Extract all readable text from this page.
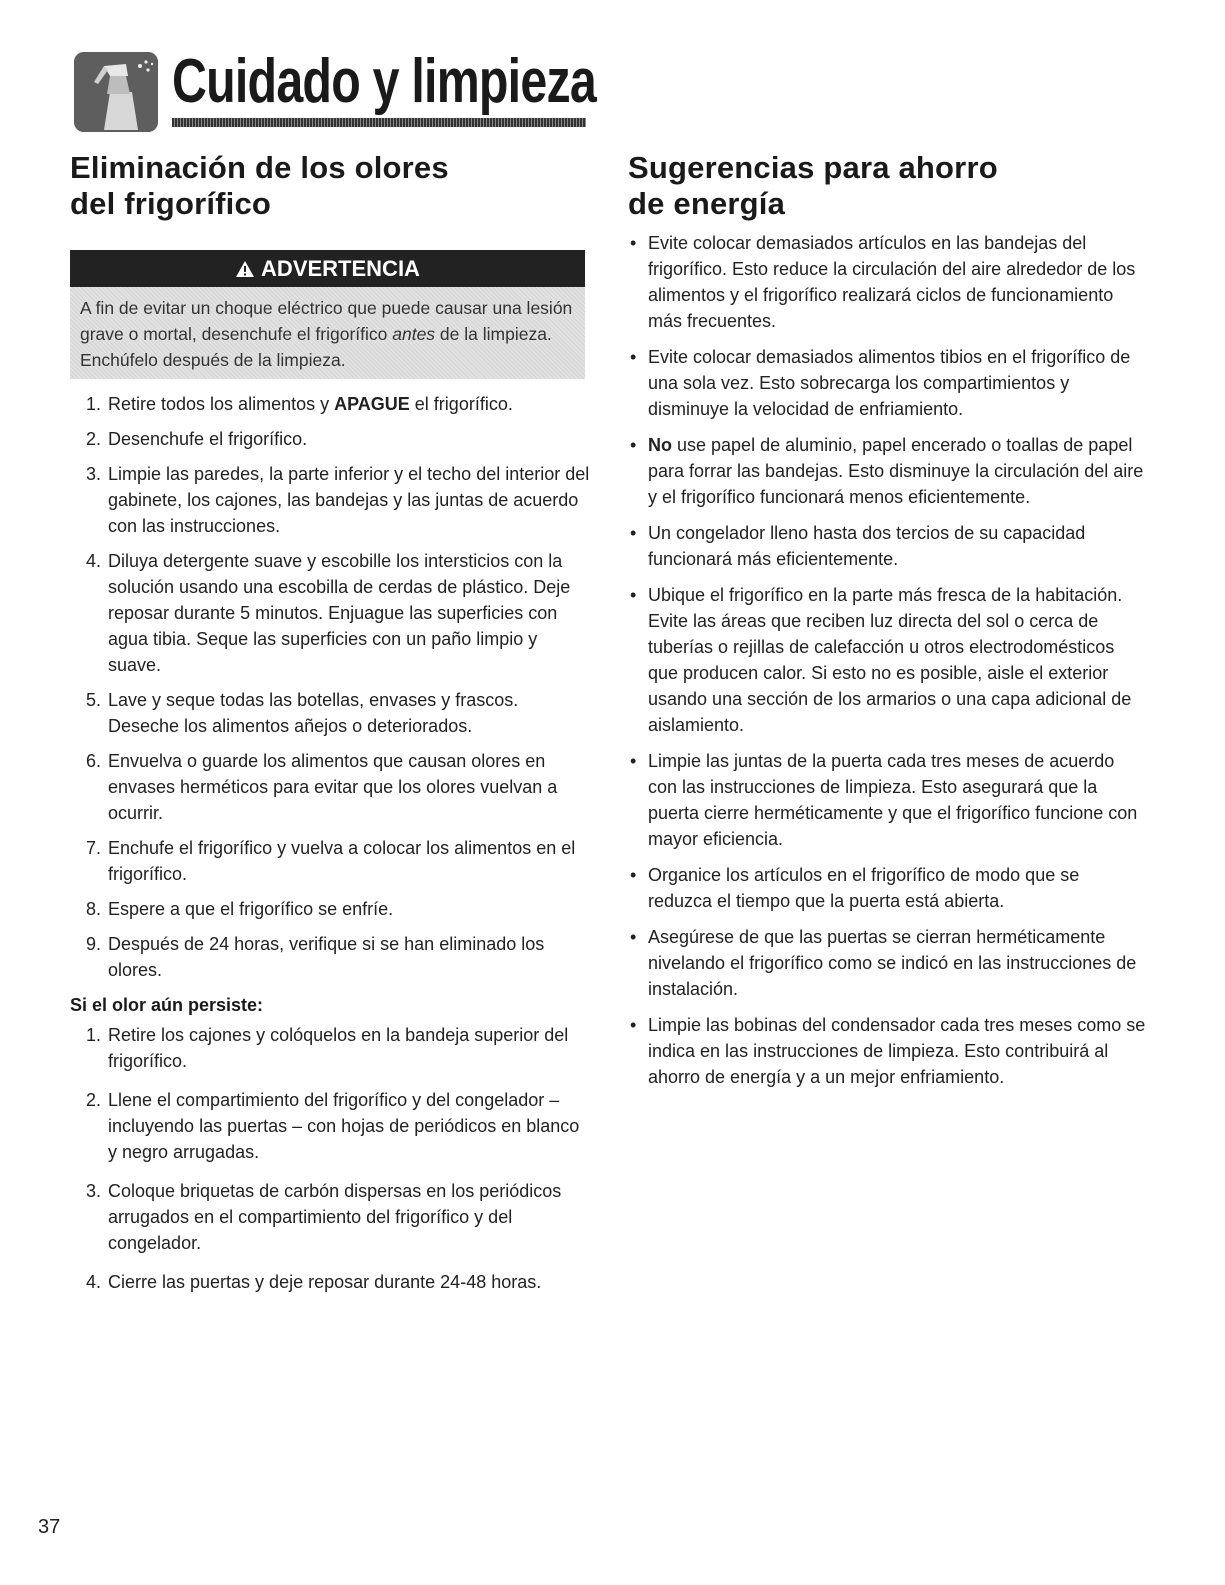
Cuidado y limpieza
Eliminación de los olores
del frigorífico
ADVERTENCIA
A fin de evitar un choque eléctrico que puede causar una lesión grave o mortal, desenchufe el frigorífico antes de la limpieza. Enchúfelo después de la limpieza.
1. Retire todos los alimentos y APAGUE el frigorífico.
2. Desenchufe el frigorífico.
3. Limpie las paredes, la parte inferior y el techo del interior del gabinete, los cajones, las bandejas y las juntas de acuerdo con las instrucciones.
4. Diluya detergente suave y escobille los intersticios con la solución usando una escobilla de cerdas de plástico. Deje reposar durante 5 minutos. Enjuague las superficies con agua tibia. Seque las superficies con un paño limpio y suave.
5. Lave y seque todas las botellas, envases y frascos. Deseche los alimentos añejos o deteriorados.
6. Envuelva o guarde los alimentos que causan olores en envases herméticos para evitar que los olores vuelvan a ocurrir.
7. Enchufe el frigorífico y vuelva a colocar los alimentos en el frigorífico.
8. Espere a que el frigorífico se enfríe.
9. Después de 24 horas, verifique si se han eliminado los olores.
Si el olor aún persiste:
1. Retire los cajones y colóquelos en la bandeja superior del frigorífico.
2. Llene el compartimiento del frigorífico y del congelador – incluyendo las puertas – con hojas de periódicos en blanco y negro arrugadas.
3. Coloque briquetas de carbón dispersas en los periódicos arrugados en el compartimiento del frigorífico y del congelador.
4. Cierre las puertas y deje reposar durante 24-48 horas.
Sugerencias para ahorro
de energía
• Evite colocar demasiados artículos en las bandejas del frigorífico. Esto reduce la circulación del aire alrededor de los alimentos y el frigorífico realizará ciclos de funcionamiento más frecuentes.
• Evite colocar demasiados alimentos tibios en el frigorífico de una sola vez. Esto sobrecarga los compartimientos y disminuye la velocidad de enfriamiento.
• No use papel de aluminio, papel encerado o toallas de papel para forrar las bandejas. Esto disminuye la circulación del aire y el frigorífico funcionará menos eficientemente.
• Un congelador lleno hasta dos tercios de su capacidad funcionará más eficientemente.
• Ubique el frigorífico en la parte más fresca de la habitación. Evite las áreas que reciben luz directa del sol o cerca de tuberías o rejillas de calefacción u otros electrodomésticos que producen calor. Si esto no es posible, aisle el exterior usando una sección de los armarios o una capa adicional de aislamiento.
• Limpie las juntas de la puerta cada tres meses de acuerdo con las instrucciones de limpieza. Esto asegurará que la puerta cierre herméticamente y que el frigorífico funcione con mayor eficiencia.
• Organice los artículos en el frigorífico de modo que se reduzca el tiempo que la puerta está abierta.
• Asegúrese de que las puertas se cierran herméticamente nivelando el frigorífico como se indicó en las instrucciones de instalación.
• Limpie las bobinas del condensador cada tres meses como se indica en las instrucciones de limpieza. Esto contribuirá al ahorro de energía y a un mejor enfriamiento.
37
